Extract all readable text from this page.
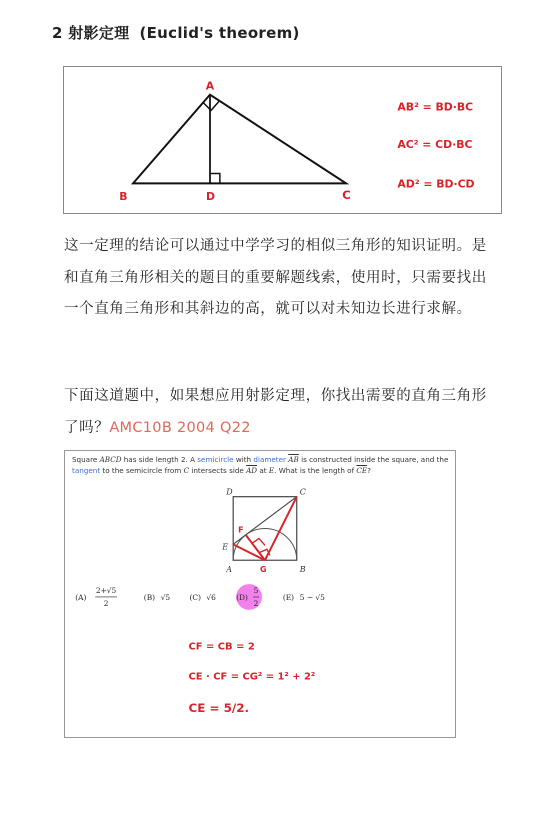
2 射影定理 (Euclid's theorem)
A
B	D	C
AB² = BD·BC
AC² = CD·BC
AD² = BD·CD
这一定理的结论可以通过中学学习的相似三角形的知识证明。是和直角三角形相关的题目的重要解题线索，使用时，只需要找出一个直角三角形和其斜边的高，就可以对未知边长进行求解。
下面这道题中，如果想应用射影定理，你找出需要的直角三角形了吗？AMC10B 2004 Q22
Square ABCD has side length 2. A semicircle with diameter $\overline{AB}$ is constructed inside the square, and the tangent to the semicircle from C intersects side $\overline{AD}$ at E. What is the length of $\overline{CE}$?
D	C
E
A	B
F
G
(A)
2+√5
2
(B) √5	(C) √6	(D)
5
2
(E) 5 − √5
CF = CB = 2
CE · CF = CG² = 1² + 2²
CE = 5/2.
